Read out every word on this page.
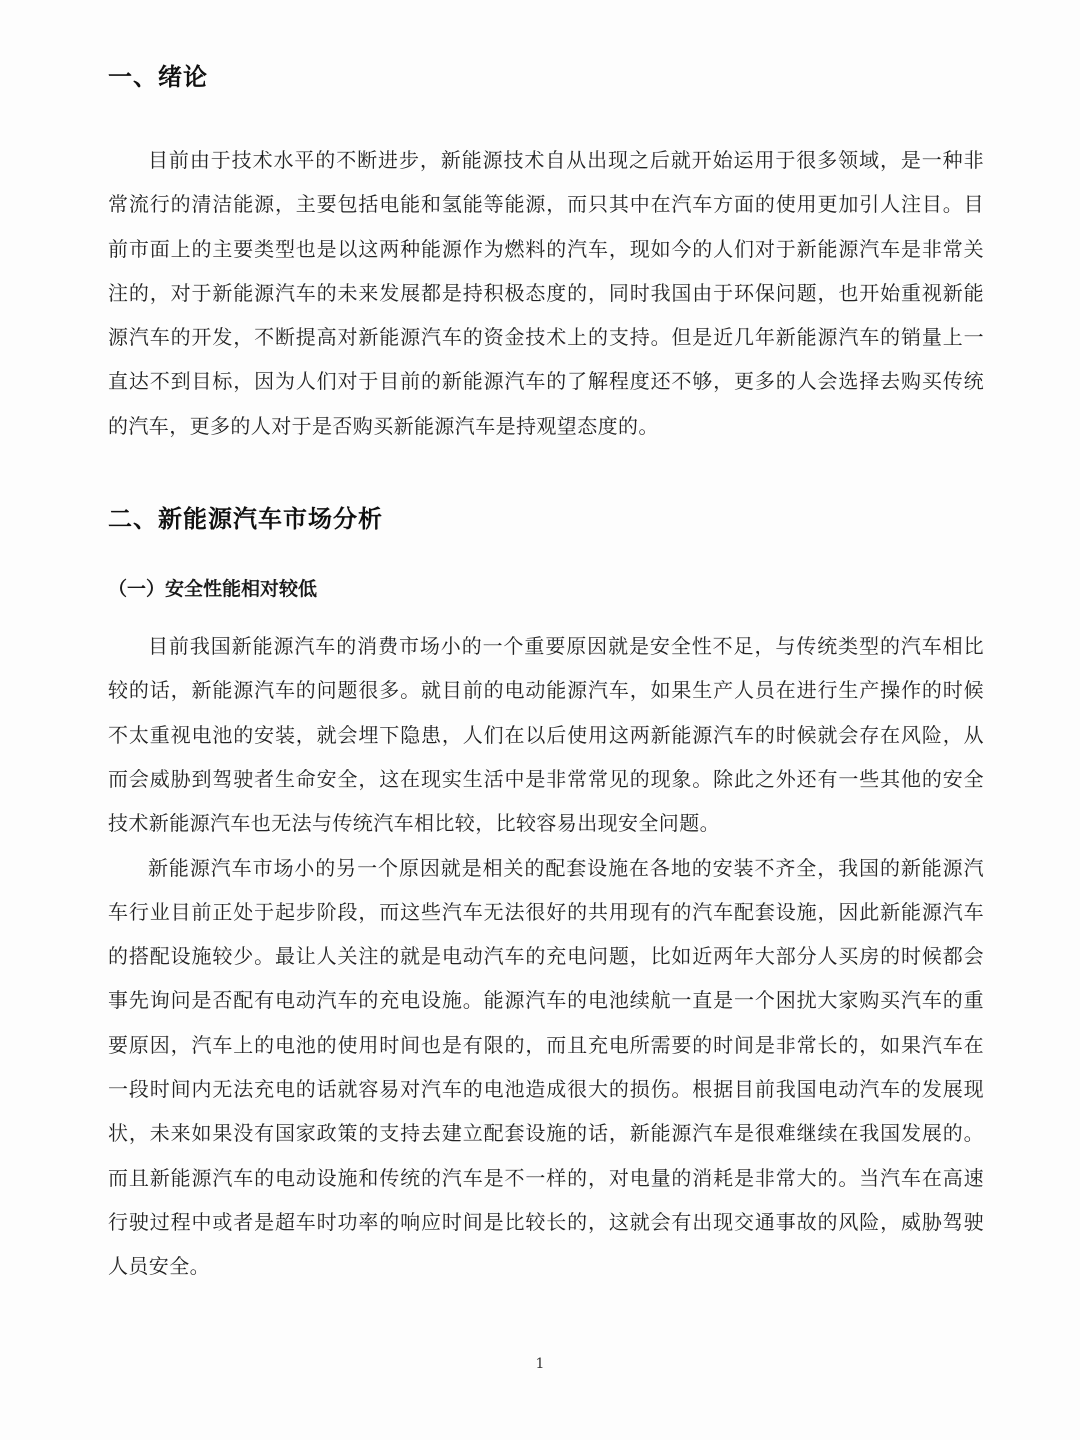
一、绪论

目前由于技术水平的不断进步，新能源技术自从出现之后就开始运用于很多领域，是一种非常流行的清洁能源，主要包括电能和氢能等能源，而只其中在汽车方面的使用更加引人注目。目前市面上的主要类型也是以这两种能源作为燃料的汽车，现如今的人们对于新能源汽车是非常关注的，对于新能源汽车的未来发展都是持积极态度的，同时我国由于环保问题，也开始重视新能源汽车的开发，不断提高对新能源汽车的资金技术上的支持。但是近几年新能源汽车的销量上一直达不到目标，因为人们对于目前的新能源汽车的了解程度还不够，更多的人会选择去购买传统的汽车，更多的人对于是否购买新能源汽车是持观望态度的。

二、新能源汽车市场分析
（一）安全性能相对较低

目前我国新能源汽车的消费市场小的一个重要原因就是安全性不足，与传统类型的汽车相比较的话，新能源汽车的问题很多。就目前的电动能源汽车，如果生产人员在进行生产操作的时候不太重视电池的安装，就会埋下隐患，人们在以后使用这两新能源汽车的时候就会存在风险，从而会威胁到驾驶者生命安全，这在现实生活中是非常常见的现象。除此之外还有一些其他的安全技术新能源汽车也无法与传统汽车相比较，比较容易出现安全问题。

新能源汽车市场小的另一个原因就是相关的配套设施在各地的安装不齐全，我国的新能源汽车行业目前正处于起步阶段，而这些汽车无法很好的共用现有的汽车配套设施，因此新能源汽车的搭配设施较少。最让人关注的就是电动汽车的充电问题，比如近两年大部分人买房的时候都会事先询问是否配有电动汽车的充电设施。能源汽车的电池续航一直是一个困扰大家购买汽车的重要原因，汽车上的电池的使用时间也是有限的，而且充电所需要的时间是非常长的，如果汽车在一段时间内无法充电的话就容易对汽车的电池造成很大的损伤。根据目前我国电动汽车的发展现状，未来如果没有国家政策的支持去建立配套设施的话，新能源汽车是很难继续在我国发展的。而且新能源汽车的电动设施和传统的汽车是不一样的，对电量的消耗是非常大的。当汽车在高速行驶过程中或者是超车时功率的响应时间是比较长的，这就会有出现交通事故的风险，威胁驾驶人员安全。

1
